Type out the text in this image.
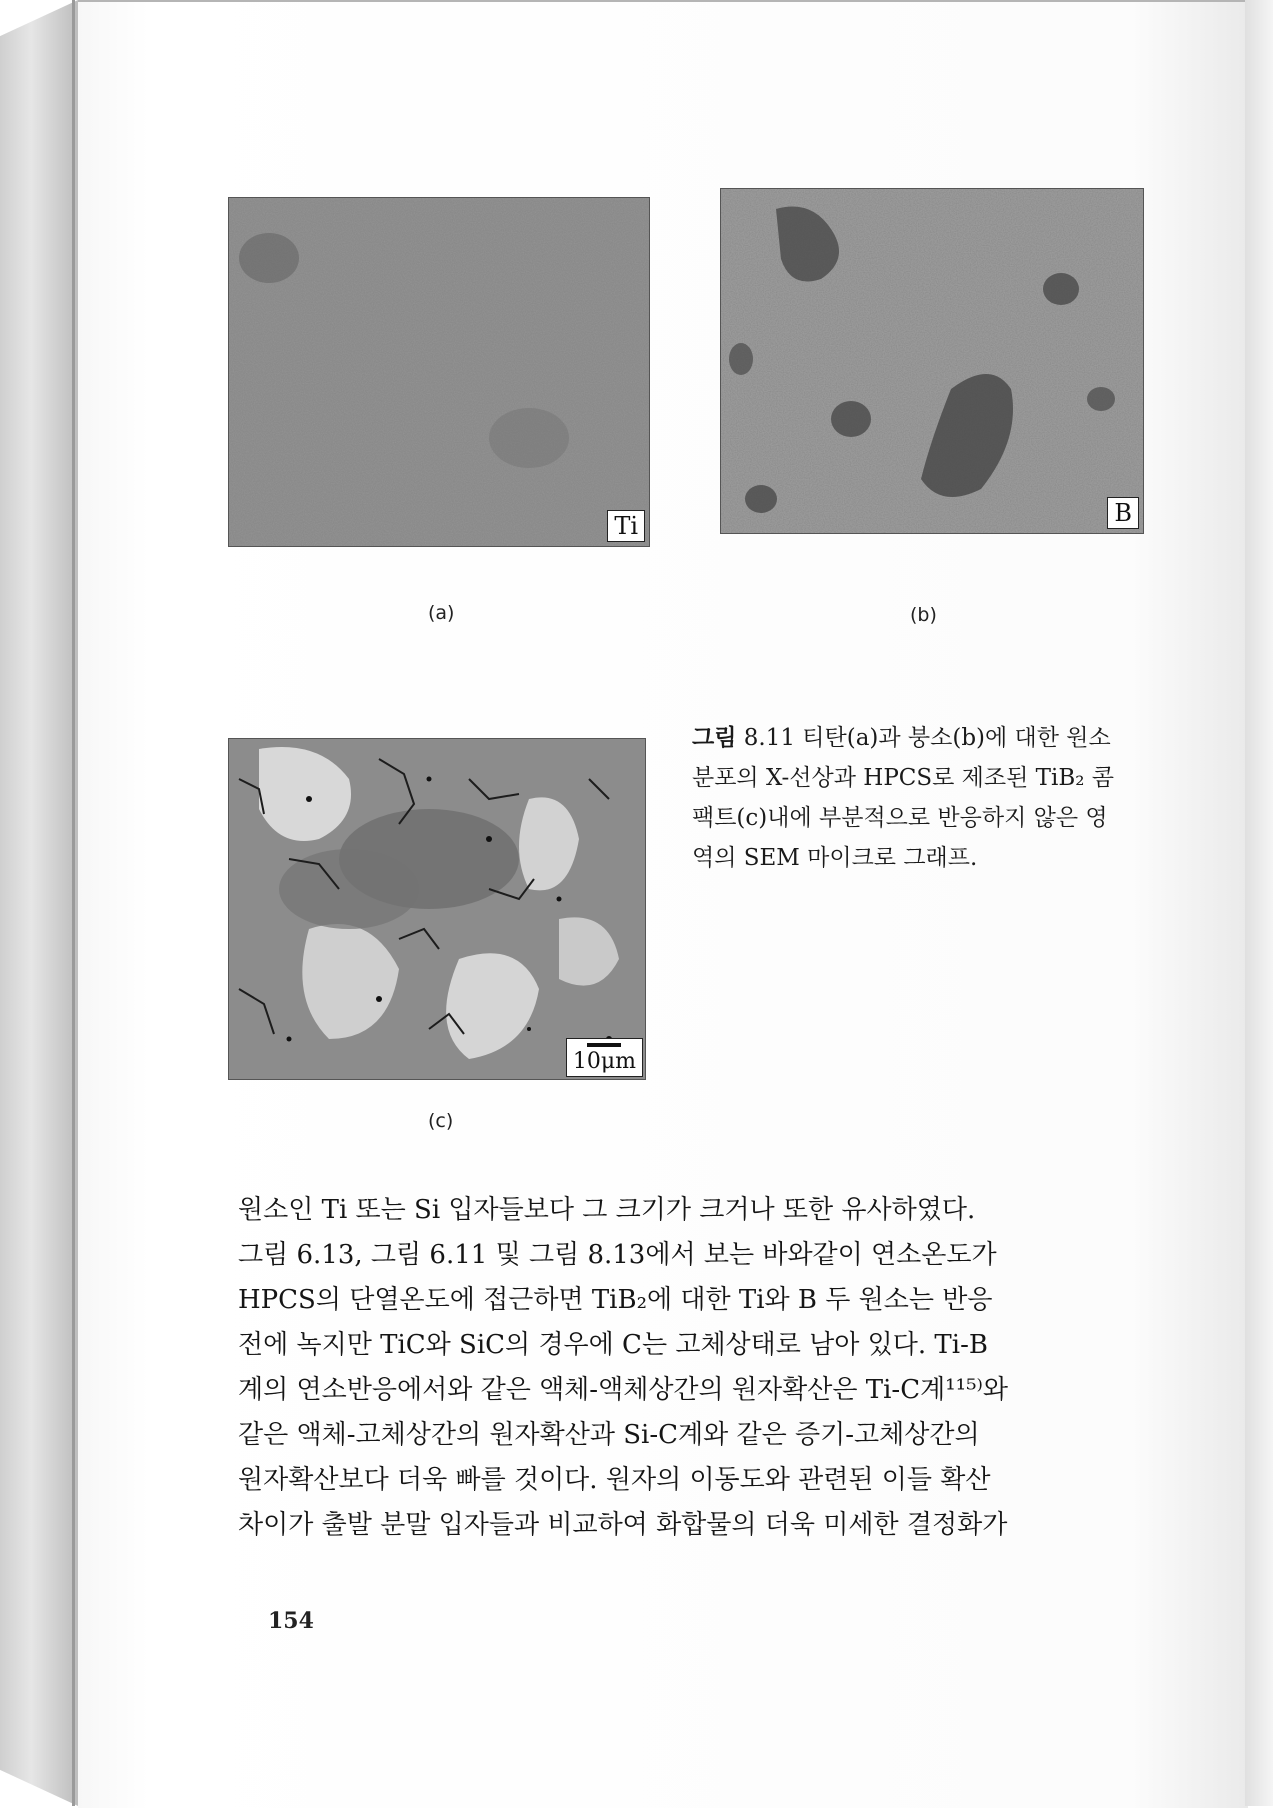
Ti
(a)
B
(b)
10μm
(c)
그림 8.11 티탄(a)과 붕소(b)에 대한 원소분포의 X-선상과 HPCS로 제조된 TiB₂ 콤팩트(c)내에 부분적으로 반응하지 않은 영역의 SEM 마이크로 그래프.
원소인 Ti 또는 Si 입자들보다 그 크기가 크거나 또한 유사하였다.
그림 6.13, 그림 6.11 및 그림 8.13에서 보는 바와같이 연소온도가
HPCS의 단열온도에 접근하면 TiB₂에 대한 Ti와 B 두 원소는 반응
전에 녹지만 TiC와 SiC의 경우에 C는 고체상태로 남아 있다. Ti-B
계의 연소반응에서와 같은 액체-액체상간의 원자확산은 Ti-C계¹¹⁵⁾와
같은 액체-고체상간의 원자확산과 Si-C계와 같은 증기-고체상간의
원자확산보다 더욱 빠를 것이다. 원자의 이동도와 관련된 이들 확산
차이가 출발 분말 입자들과 비교하여 화합물의 더욱 미세한 결정화가
154
